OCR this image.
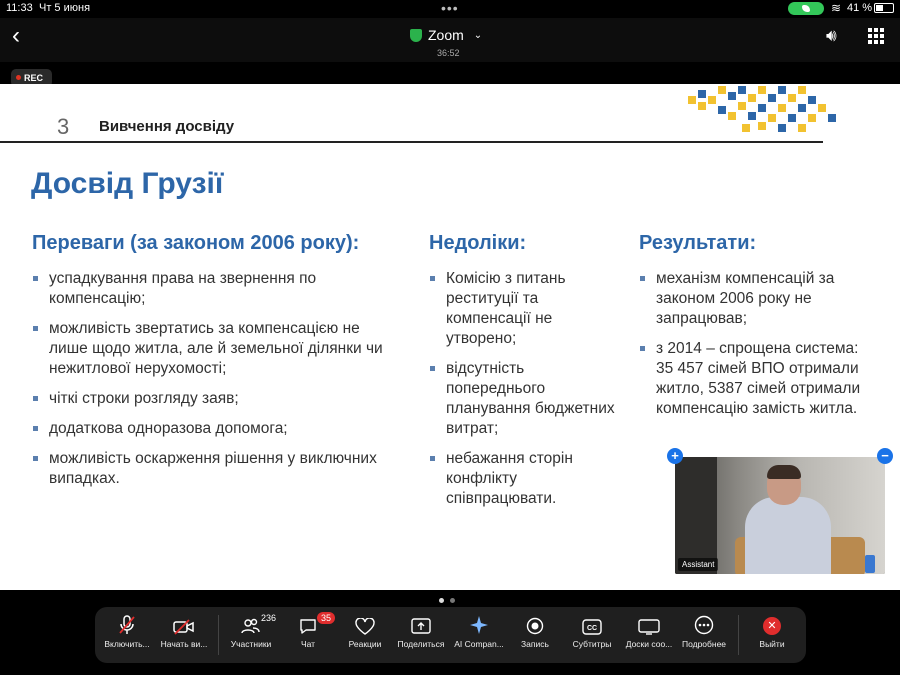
11:33 Чт 5 июня	•••	≋ 41 %
‹	Zoom ⌄
36:52
🔊︎
REC
3 Вивчення досвіду
Досвід Грузії
Переваги (за законом 2006 року):
успадкування права на звернення по компенсацію;
можливість звертатись за компенсацією не лише щодо житла, але й земельної ділянки чи нежитлової нерухомості;
чіткі строки розгляду заяв;
додаткова одноразова допомога;
можливість оскарження рішення у виключних випадках.
Недоліки:
Комісію з питань реституції та компенсації не утворено;
відсутність попереднього планування бюджетних витрат;
небажання сторін конфлікту співпрацювати.
Результати:
механізм компенсацій за законом 2006 року не запрацював;
з 2014 – спрощена система: 35 457 сімей ВПО отримали житло, 5387 сімей отримали компенсацію замість житла.
Assistant
+	−
Включить...	Начать ви...	Участники
236
Чат
35
Реакции	Поделиться	AI Compan...	Запись
CC
Субтитры	Доски соо...	Подробнее
✕
Выйти
